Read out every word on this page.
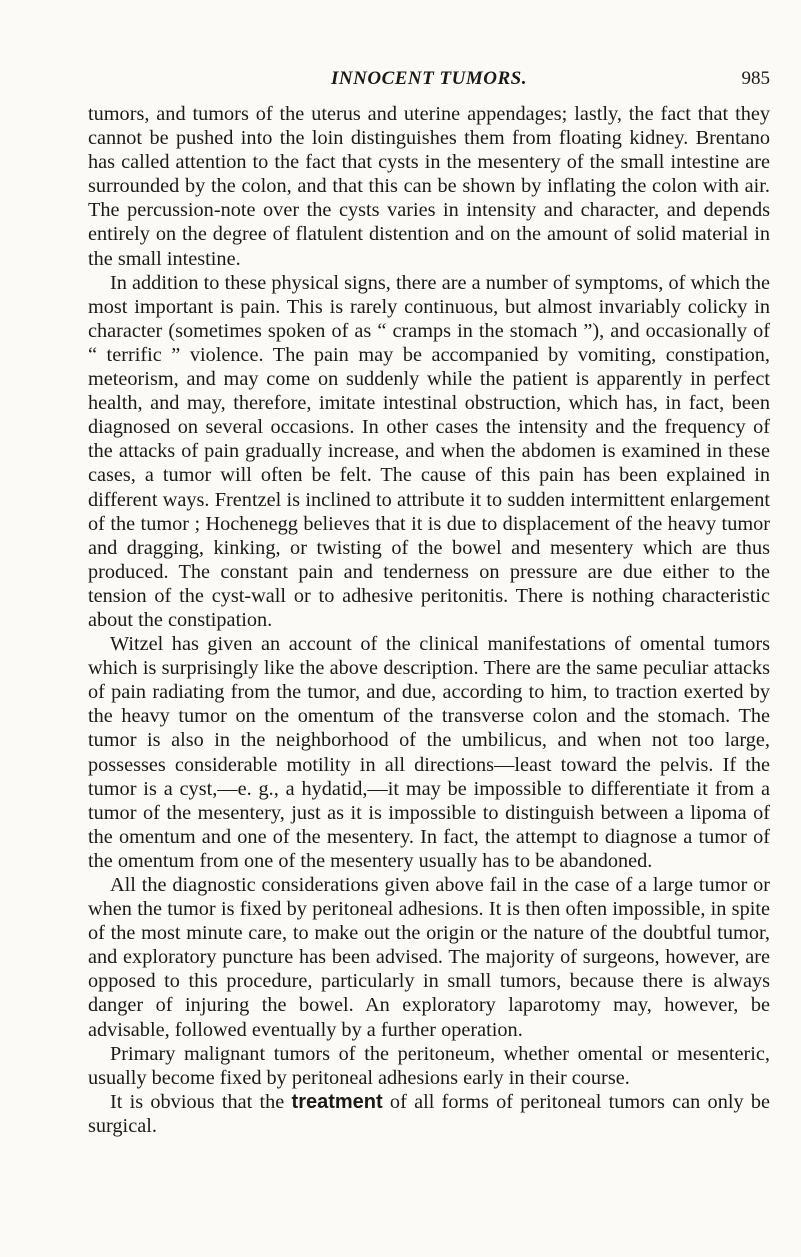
INNOCENT TUMORS.	985

tumors, and tumors of the uterus and uterine appendages; lastly, the fact that they cannot be pushed into the loin distinguishes them from floating kidney. Brentano has called attention to the fact that cysts in the mesentery of the small intestine are surrounded by the colon, and that this can be shown by inflating the colon with air. The percussion-note over the cysts varies in intensity and character, and depends entirely on the degree of flatulent distention and on the amount of solid material in the small intestine.

In addition to these physical signs, there are a number of symptoms, of which the most important is pain. This is rarely continuous, but almost invariably colicky in character (sometimes spoken of as “ cramps in the stomach ”), and occasionally of “ terrific ” violence. The pain may be accompanied by vomiting, constipation, meteorism, and may come on suddenly while the patient is apparently in perfect health, and may, therefore, imitate intestinal obstruction, which has, in fact, been diagnosed on several occasions. In other cases the intensity and the frequency of the attacks of pain gradually increase, and when the abdomen is examined in these cases, a tumor will often be felt. The cause of this pain has been explained in different ways. Frentzel is inclined to attribute it to sudden intermittent enlargement of the tumor ; Hochenegg believes that it is due to displacement of the heavy tumor and dragging, kinking, or twisting of the bowel and mesentery which are thus produced. The constant pain and tenderness on pressure are due either to the tension of the cyst-wall or to adhesive peritonitis. There is nothing characteristic about the constipation.

Witzel has given an account of the clinical manifestations of omental tumors which is surprisingly like the above description. There are the same peculiar attacks of pain radiating from the tumor, and due, according to him, to traction exerted by the heavy tumor on the omentum of the transverse colon and the stomach. The tumor is also in the neighborhood of the umbilicus, and when not too large, possesses considerable motility in all directions—least toward the pelvis. If the tumor is a cyst,—e. g., a hydatid,—it may be impossible to differentiate it from a tumor of the mesentery, just as it is impossible to distinguish between a lipoma of the omentum and one of the mesentery. In fact, the attempt to diagnose a tumor of the omentum from one of the mesentery usually has to be abandoned.

All the diagnostic considerations given above fail in the case of a large tumor or when the tumor is fixed by peritoneal adhesions. It is then often impossible, in spite of the most minute care, to make out the origin or the nature of the doubtful tumor, and exploratory puncture has been advised. The majority of surgeons, however, are opposed to this procedure, particularly in small tumors, because there is always danger of injuring the bowel. An exploratory laparotomy may, however, be advisable, followed eventually by a further operation.

Primary malignant tumors of the peritoneum, whether omental or mesenteric, usually become fixed by peritoneal adhesions early in their course.

It is obvious that the treatment of all forms of peritoneal tumors can only be surgical.
